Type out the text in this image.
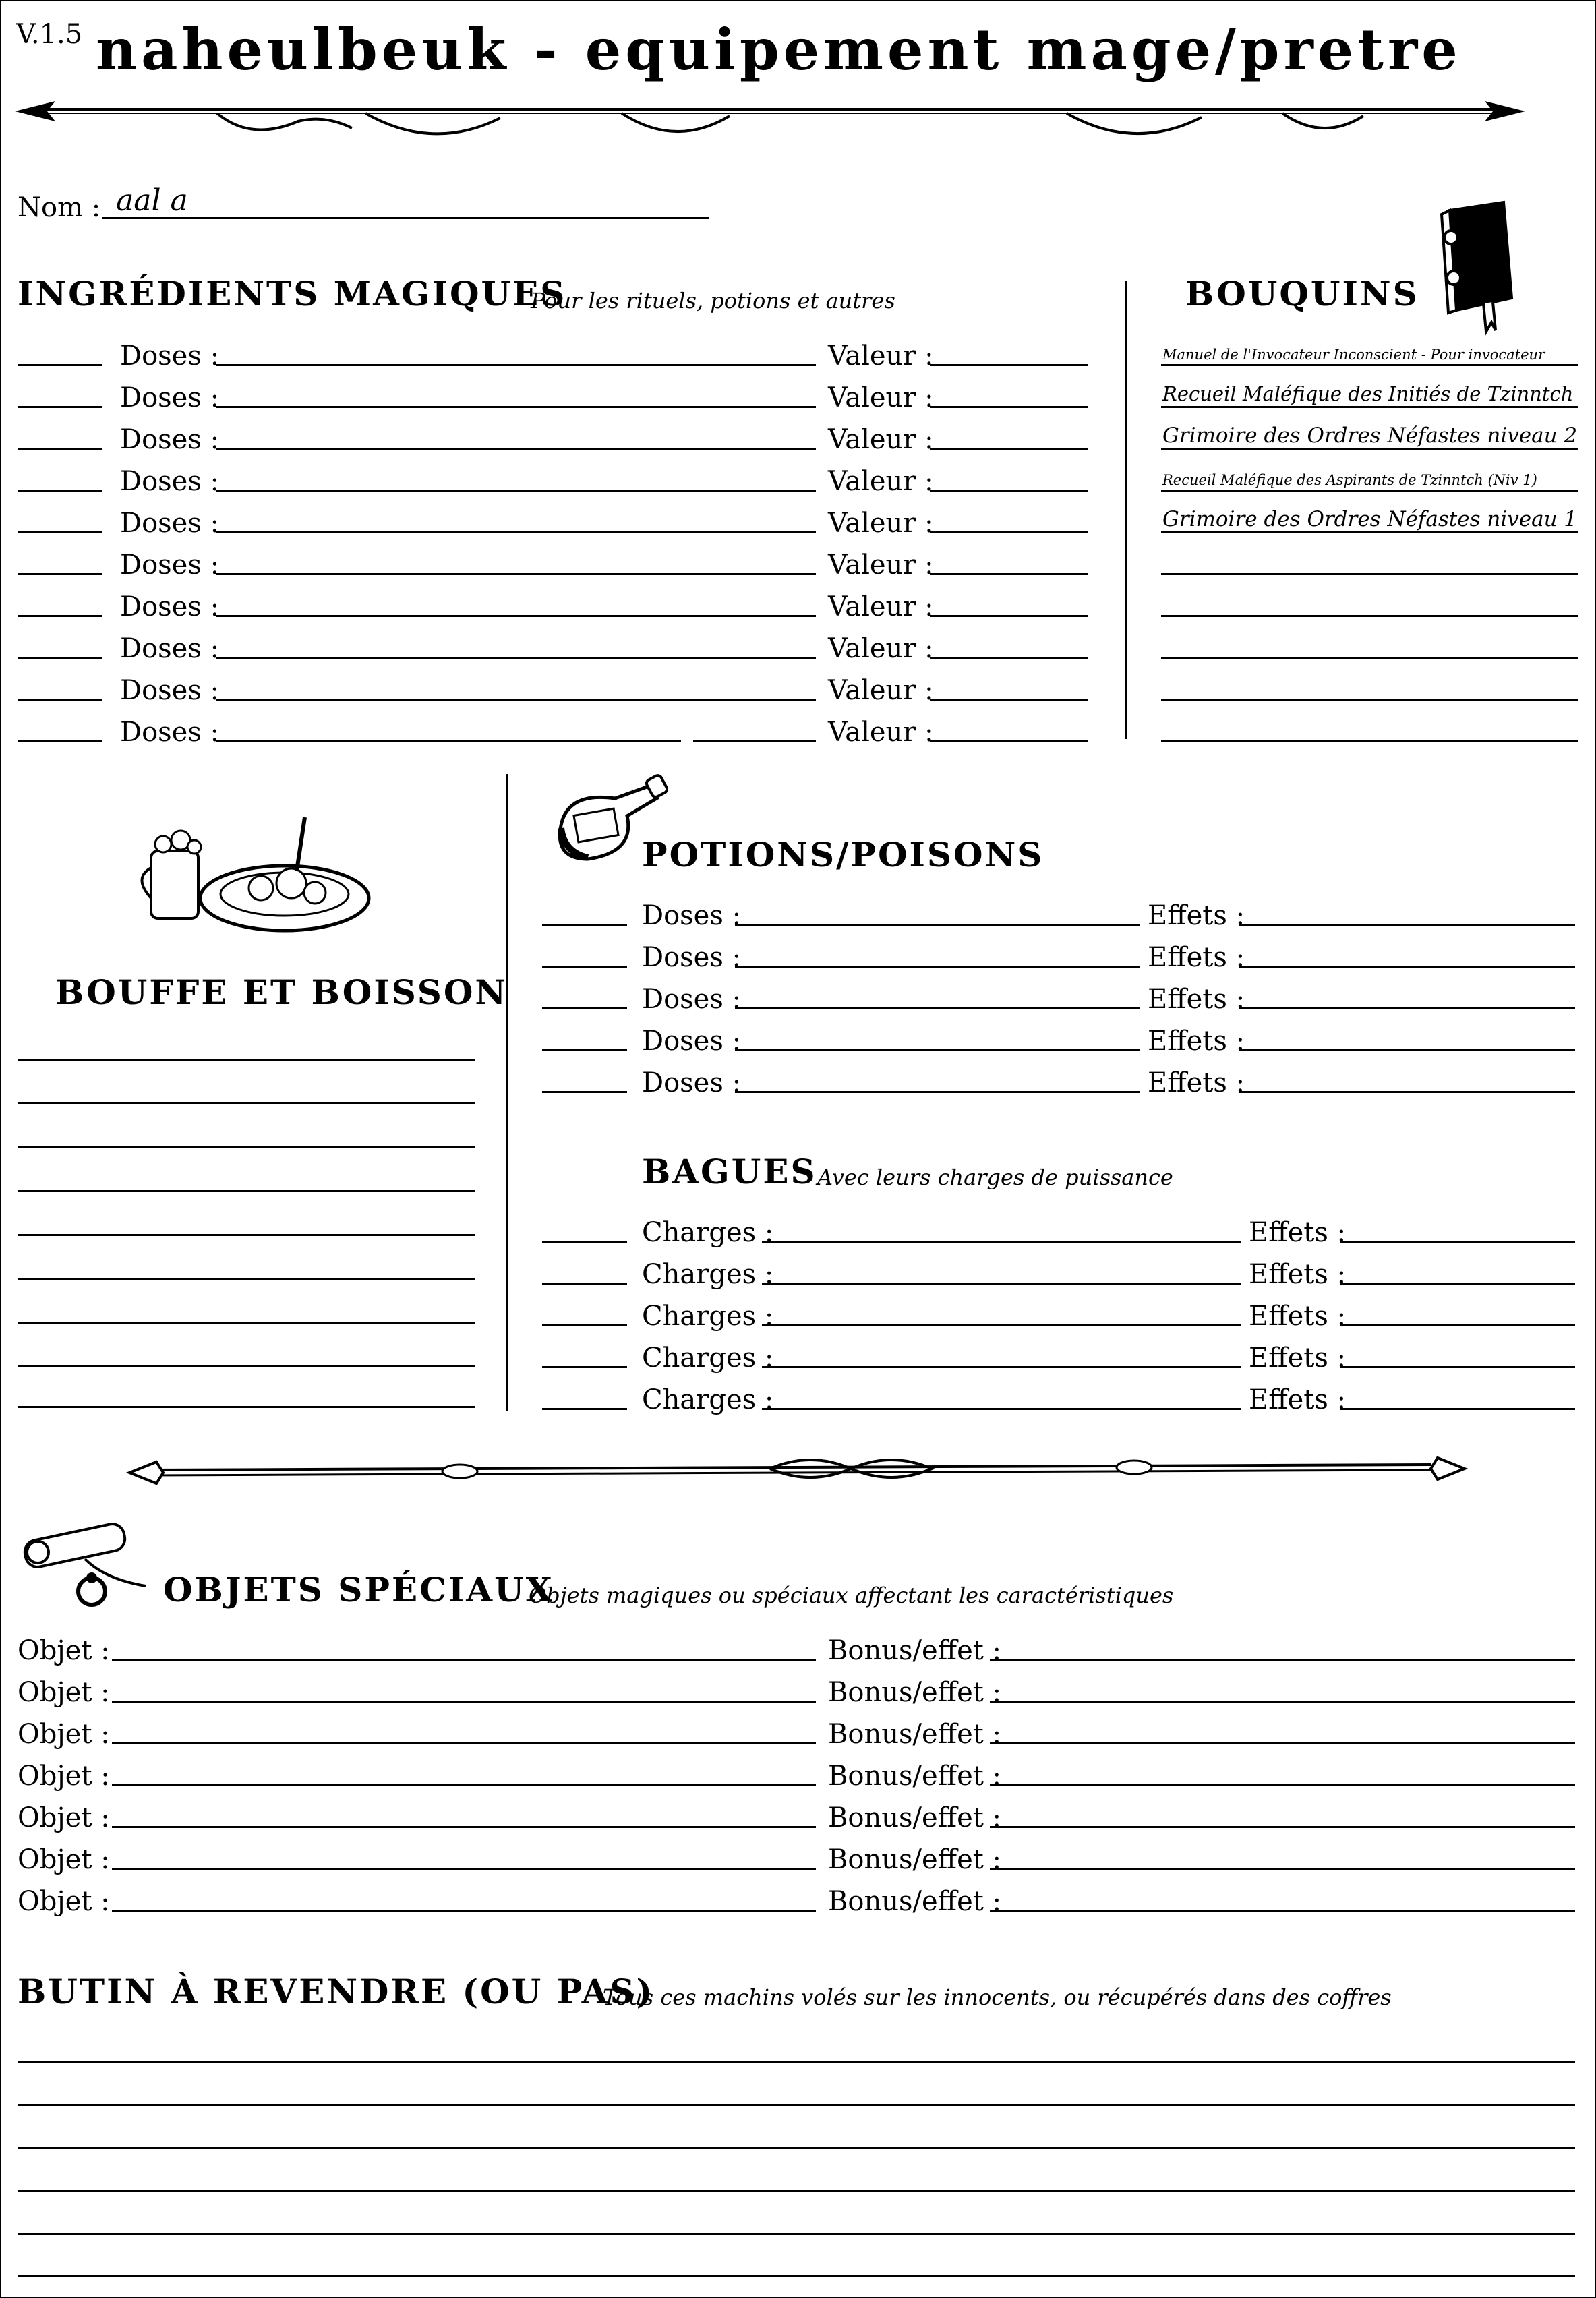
V.1.5 naheulbeuk - equipement mage/pretre
Nom : aal a
INGRÉDIENTS MAGIQUES
Pour les rituels, potions et autres
Doses :	Valeur :
Doses :	Valeur :
Doses :	Valeur :
Doses :	Valeur :
Doses :	Valeur :
Doses :	Valeur :
Doses :	Valeur :
Doses :	Valeur :
Doses :	Valeur :
Doses :	Valeur :
BOUQUINS
Manuel de l'Invocateur Inconscient - Pour invocateur
Recueil Maléfique des Initiés de Tzinntch
Grimoire des Ordres Néfastes niveau 2
Recueil Maléfique des Aspirants de Tzinntch (Niv 1)
Grimoire des Ordres Néfastes niveau 1
BOUFFE ET BOISSON
POTIONS/POISONS
Doses :	Effets :
Doses :	Effets :
Doses :	Effets :
Doses :	Effets :
Doses :	Effets :
BAGUES Avec leurs charges de puissance
Charges :	Effets :
Charges :	Effets :
Charges :	Effets :
Charges :	Effets :
Charges :	Effets :
OBJETS SPÉCIAUX
Objets magiques ou spéciaux affectant les caractéristiques
Objet :	Bonus/effet :
Objet :	Bonus/effet :
Objet :	Bonus/effet :
Objet :	Bonus/effet :
Objet :	Bonus/effet :
Objet :	Bonus/effet :
Objet :	Bonus/effet :
BUTIN À REVENDRE (OU PAS)
Tous ces machins volés sur les innocents, ou récupérés dans des coffres
